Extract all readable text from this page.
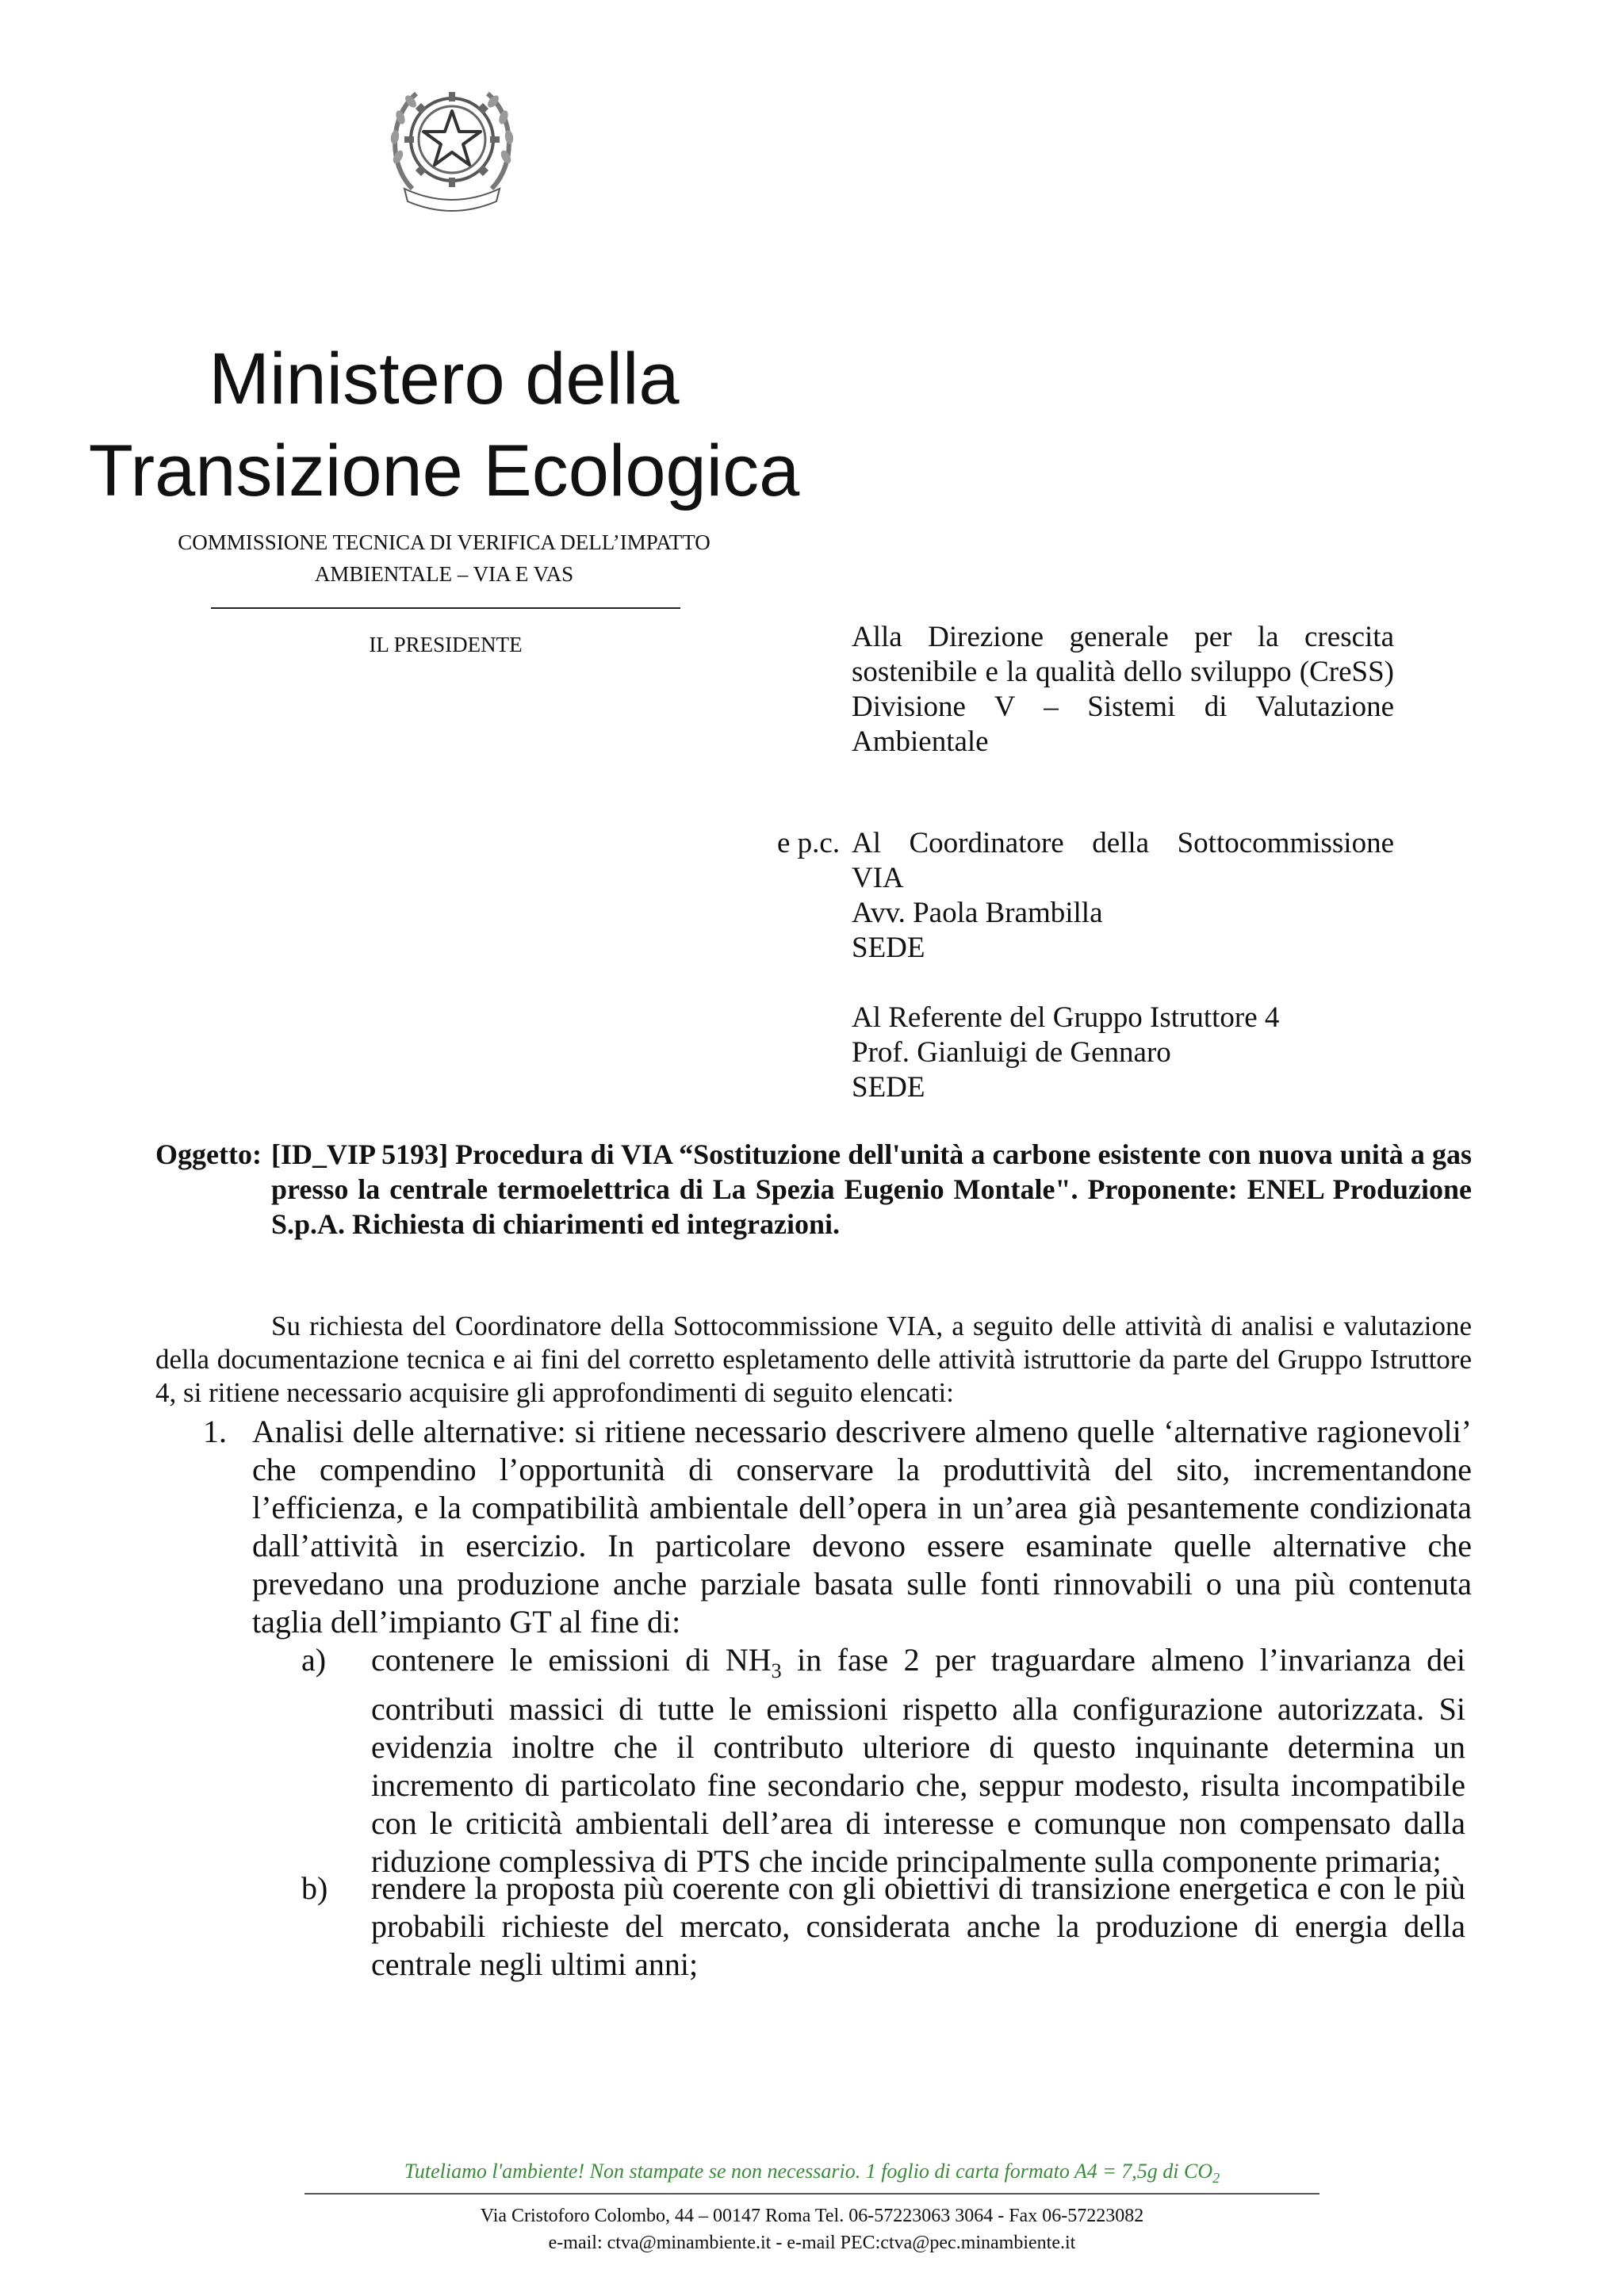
Ministero della
Transizione Ecologica
COMMISSIONE TECNICA DI VERIFICA DELL’IMPATTO
AMBIENTALE – VIA E VAS
IL PRESIDENTE	Alla Direzione generale per la crescita
sostenibile e la qualità dello sviluppo (CreSS)
Divisione V – Sistemi di Valutazione
Ambientale
e p.c. Al Coordinatore della Sottocommissione
VIA
Avv. Paola Brambilla
SEDE
Al Referente del Gruppo Istruttore 4
Prof. Gianluigi de Gennaro
SEDE
Oggetto: [ID_VIP 5193] Procedura di VIA “Sostituzione dell'unità a carbone esistente con nuova unità a gas presso la centrale termoelettrica di La Spezia Eugenio Montale". Proponente: ENEL Produzione S.p.A. Richiesta di chiarimenti ed integrazioni.
Su richiesta del Coordinatore della Sottocommissione VIA, a seguito delle attività di analisi e valutazione della documentazione tecnica e ai fini del corretto espletamento delle attività istruttorie da parte del Gruppo Istruttore 4, si ritiene necessario acquisire gli approfondimenti di seguito elencati:
1. Analisi delle alternative: si ritiene necessario descrivere almeno quelle ‘alternative ragionevoli’ che compendino l’opportunità di conservare la produttività del sito, incrementandone l’efficienza, e la compatibilità ambientale dell’opera in un’area già pesantemente condizionata dall’attività in esercizio. In particolare devono essere esaminate quelle alternative che prevedano una produzione anche parziale basata sulle fonti rinnovabili o una più contenuta taglia dell’impianto GT al fine di:
a) contenere le emissioni di $NH_3$ in fase 2 per traguardare almeno l’invarianza dei contributi massici di tutte le emissioni rispetto alla configurazione autorizzata. Si evidenzia inoltre che il contributo ulteriore di questo inquinante determina un incremento di particolato fine secondario che, seppur modesto, risulta incompatibile con le criticità ambientali dell’area di interesse e comunque non compensato dalla riduzione complessiva di PTS che incide principalmente sulla componente primaria;
b) rendere la proposta più coerente con gli obiettivi di transizione energetica e con le più probabili richieste del mercato, considerata anche la produzione di energia della centrale negli ultimi anni;
Tuteliamo l'ambiente! Non stampate se non necessario. 1 foglio di carta formato A4 = 7,5g di $CO_2$
Via Cristoforo Colombo, 44 – 00147 Roma Tel. 06-57223063 3064 - Fax 06-57223082
e-mail: ctva@minambiente.it - e-mail PEC:ctva@pec.minambiente.it
